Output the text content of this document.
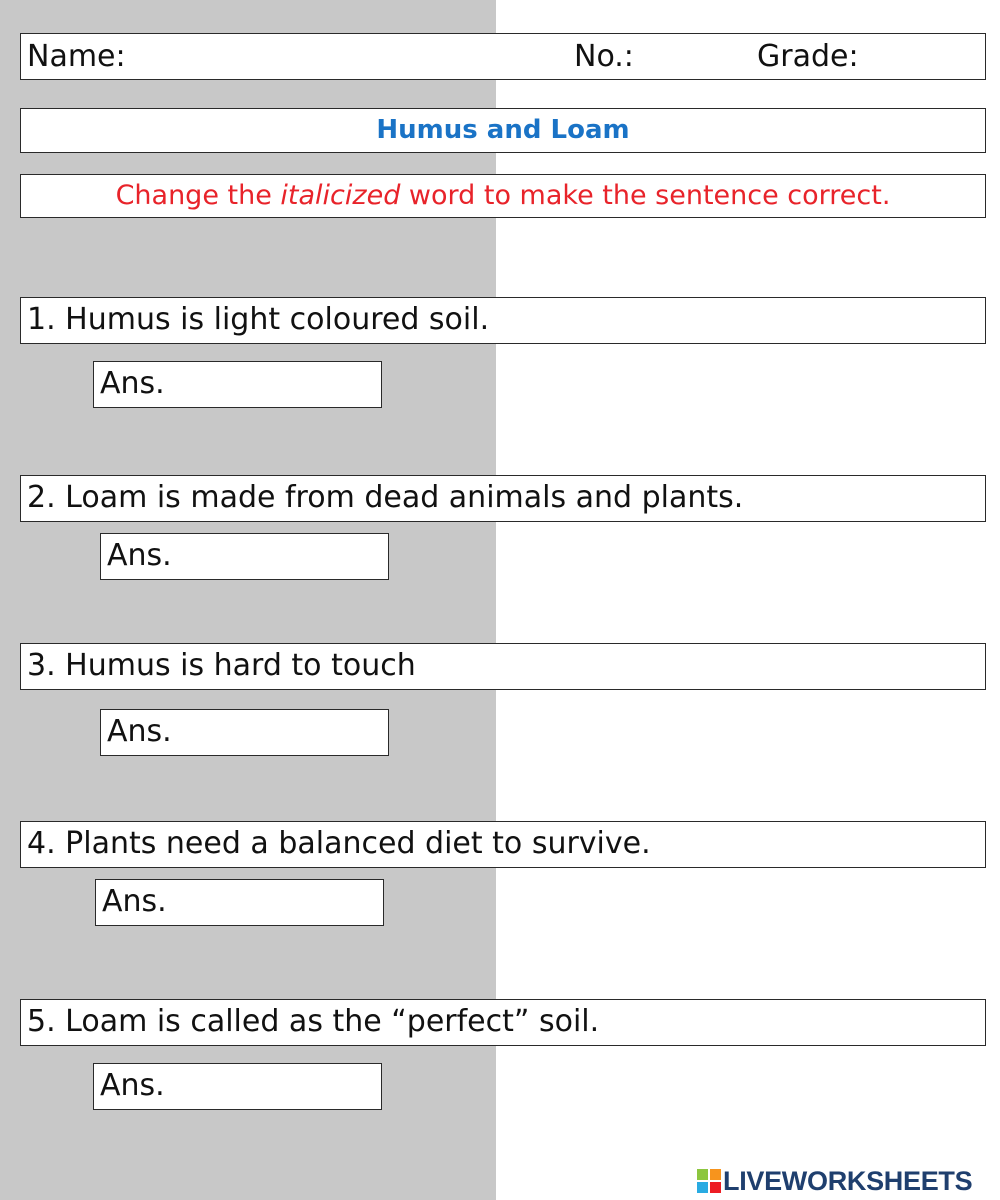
Name:	No.:	Grade:
Humus and Loam
Change the italicized word to make the sentence correct.
1. Humus is light coloured soil.
Ans.
2. Loam is made from dead animals and plants.
Ans.
3. Humus is hard to touch
Ans.
4. Plants need a balanced diet to survive.
Ans.
5. Loam is called as the “perfect” soil.
Ans.
LIVEWORKSHEETS
